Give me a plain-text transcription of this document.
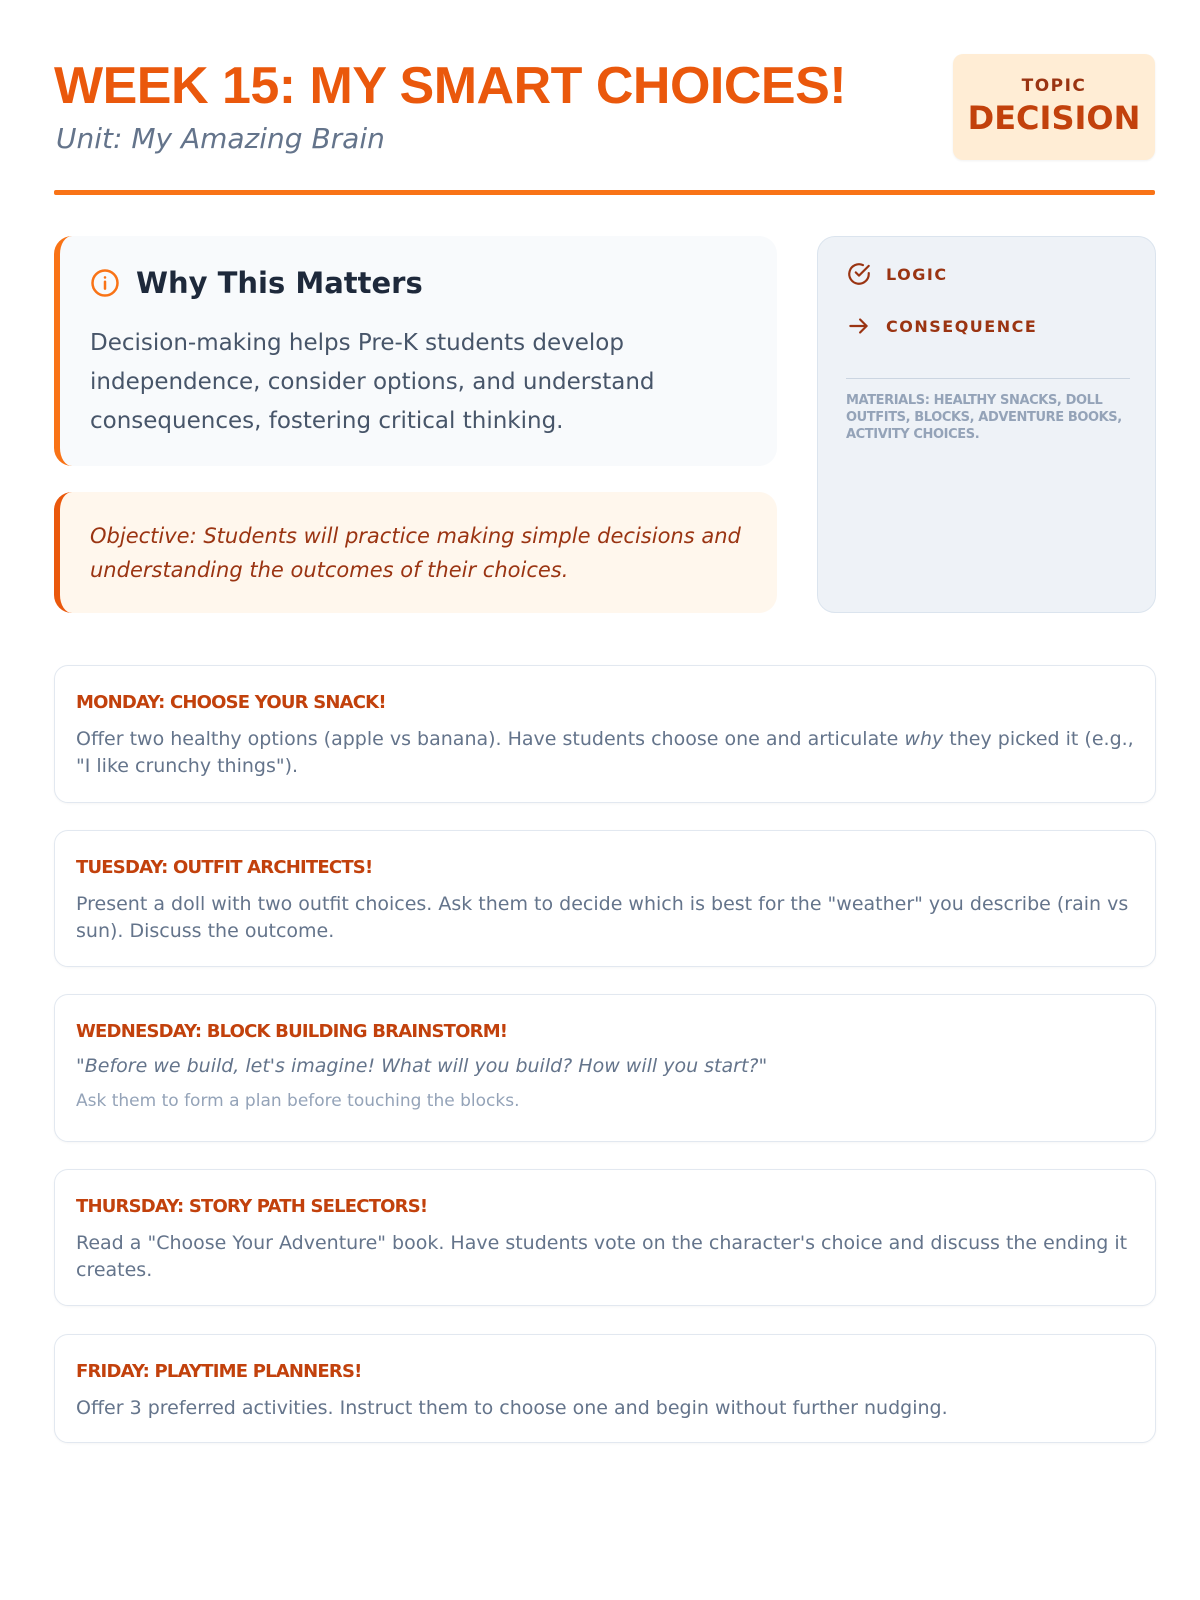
WEEK 15: MY SMART CHOICES!
Unit: My Amazing Brain
TOPIC
DECISION
Why This Matters

Decision-making helps Pre-K students develop independence, consider options, and understand consequences, fostering critical thinking.

Objective: Students will practice making simple decisions and understanding the outcomes of their choices.

LOGIC
CONSEQUENCE
MATERIALS: HEALTHY SNACKS, DOLL OUTFITS, BLOCKS, ADVENTURE BOOKS, ACTIVITY CHOICES.
MONDAY: CHOOSE YOUR SNACK!

Offer two healthy options (apple vs banana). Have students choose one and articulate why they picked it (e.g., "I like crunchy things").

TUESDAY: OUTFIT ARCHITECTS!

Present a doll with two outfit choices. Ask them to decide which is best for the "weather" you describe (rain vs sun). Discuss the outcome.

WEDNESDAY: BLOCK BUILDING BRAINSTORM!
"Before we build, let's imagine! What will you build? How will you start?"
Ask them to form a plan before touching the blocks.
THURSDAY: STORY PATH SELECTORS!

Read a "Choose Your Adventure" book. Have students vote on the character's choice and discuss the ending it creates.

FRIDAY: PLAYTIME PLANNERS!

Offer 3 preferred activities. Instruct them to choose one and begin without further nudging.
